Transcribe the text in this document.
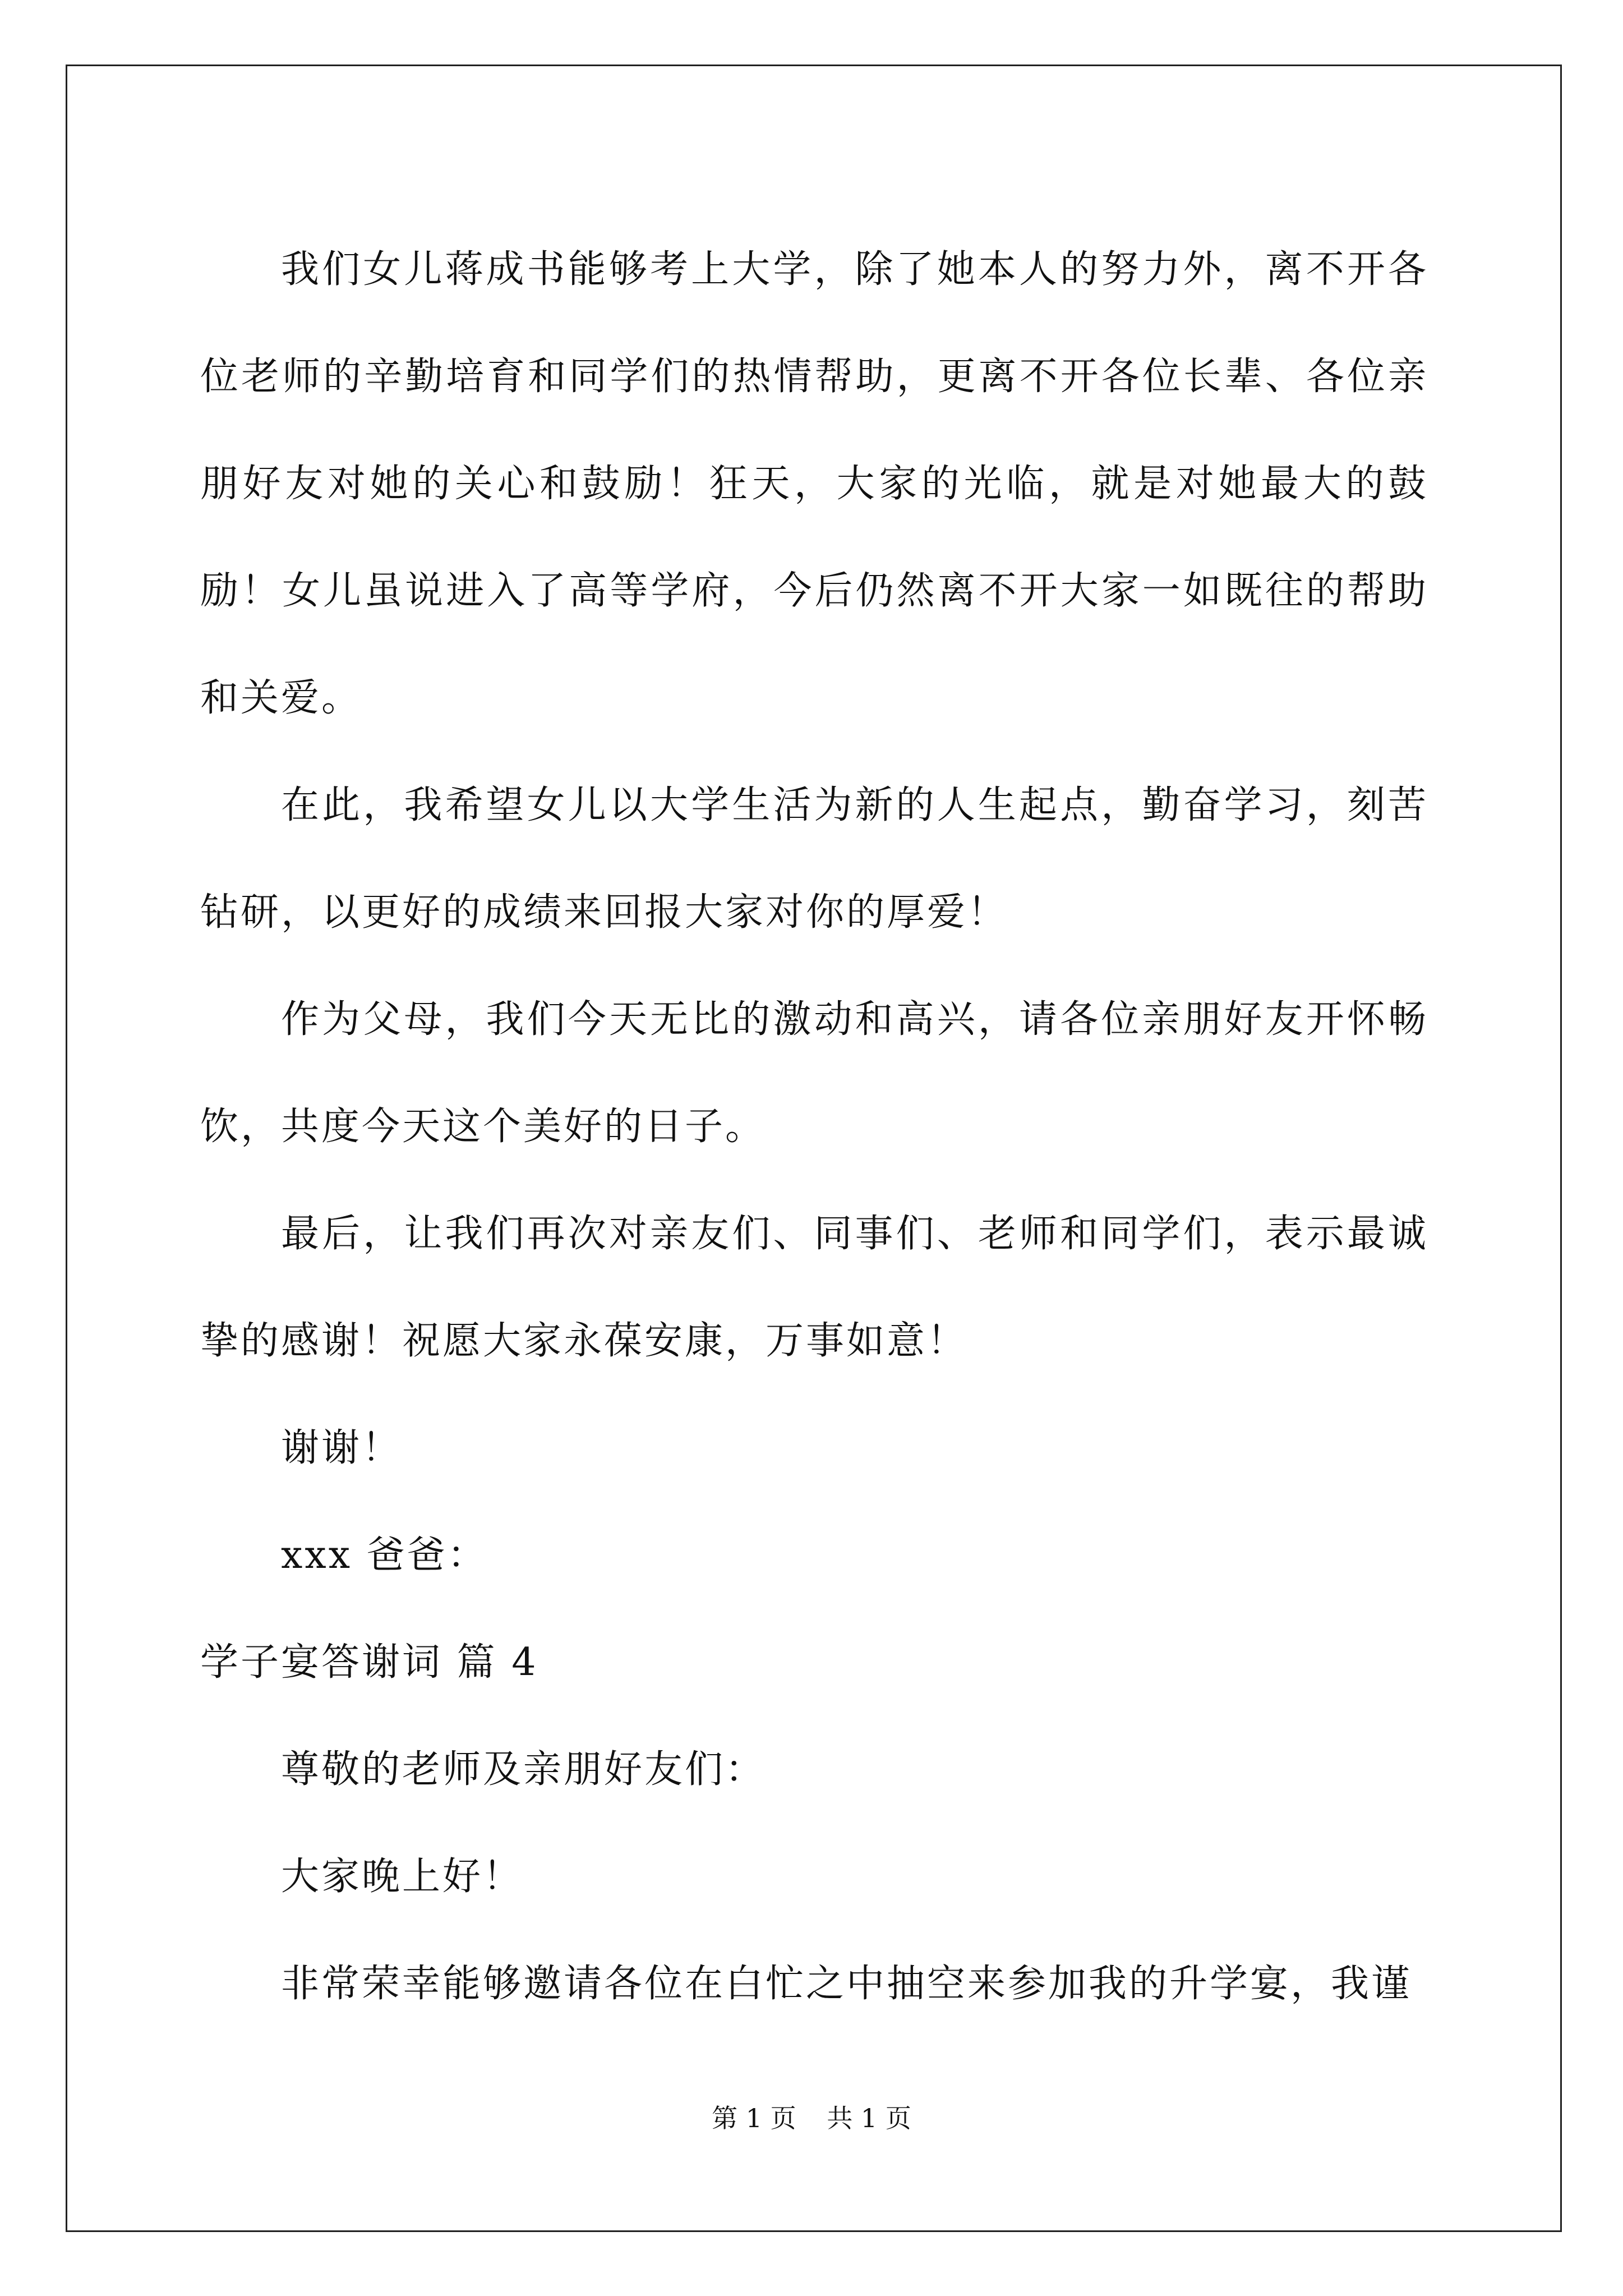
我们女儿蒋成书能够考上大学，除了她本人的努力外，离不开各位老师的辛勤培育和同学们的热情帮助，更离不开各位长辈、各位亲朋好友对她的关心和鼓励！狂天，大家的光临，就是对她最大的鼓励！女儿虽说进入了高等学府，今后仍然离不开大家一如既往的帮助和关爱。

在此，我希望女儿以大学生活为新的人生起点，勤奋学习，刻苦钻研，以更好的成绩来回报大家对你的厚爱！

作为父母，我们今天无比的激动和高兴，请各位亲朋好友开怀畅饮，共度今天这个美好的日子。

最后，让我们再次对亲友们、同事们、老师和同学们，表示最诚挚的感谢！祝愿大家永葆安康，万事如意！

谢谢！

xxx 爸爸：

学子宴答谢词 篇 4

尊敬的老师及亲朋好友们：

大家晚上好！

非常荣幸能够邀请各位在白忙之中抽空来参加我的升学宴，我谨

第 1 页 共 1 页
